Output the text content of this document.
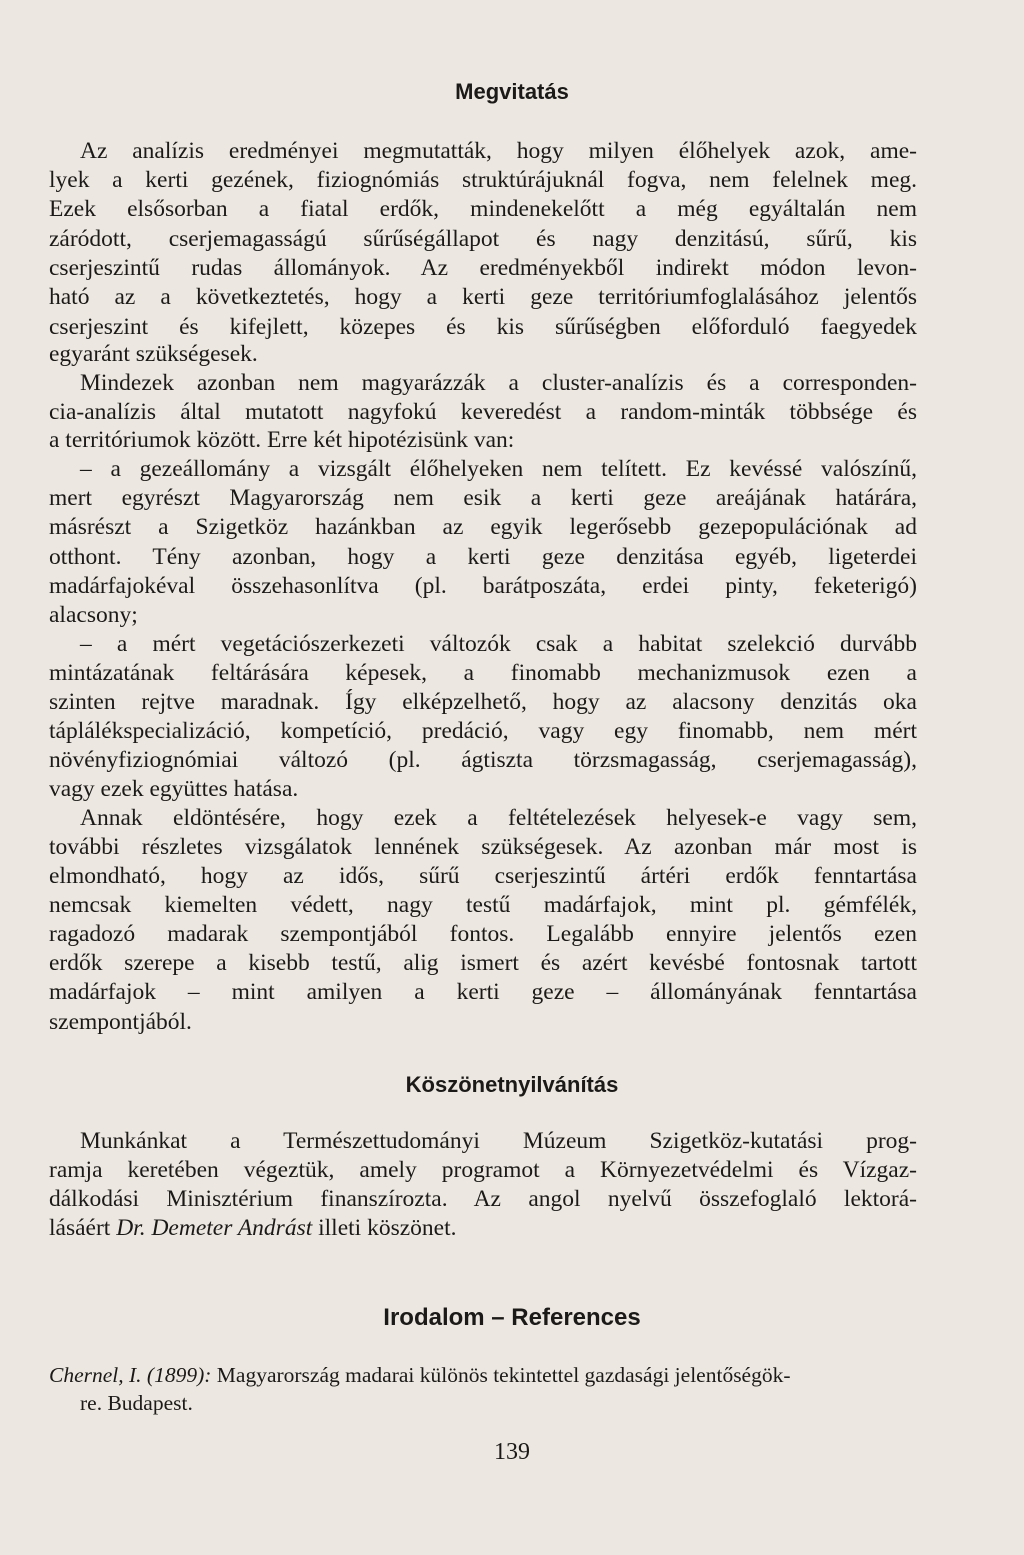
Megvitatás

Az analízis eredményei megmutatták, hogy milyen élőhelyek azok, ame-

lyek a kerti gezének, fiziognómiás struktúrájuknál fogva, nem felelnek meg.

Ezek elsősorban a fiatal erdők, mindenekelőtt a még egyáltalán nem

záródott, cserjemagasságú sűrűségállapot és nagy denzitású, sűrű, kis

cserjeszintű rudas állományok. Az eredményekből indirekt módon levon-

ható az a következtetés, hogy a kerti geze territóriumfoglalásához jelentős

cserjeszint és kifejlett, közepes és kis sűrűségben előforduló faegyedek

egyaránt szükségesek.

Mindezek azonban nem magyarázzák a cluster-analízis és a corresponden-

cia-analízis által mutatott nagyfokú keveredést a random-minták többsége és

a territóriumok között. Erre két hipotézisünk van:

– a gezeállomány a vizsgált élőhelyeken nem telített. Ez kevéssé valószínű,

mert egyrészt Magyarország nem esik a kerti geze areájának határára,

másrészt a Szigetköz hazánkban az egyik legerősebb gezepopulációnak ad

otthont. Tény azonban, hogy a kerti geze denzitása egyéb, ligeterdei

madárfajokéval összehasonlítva (pl. barátposzáta, erdei pinty, feketerigó)

alacsony;

– a mért vegetációszerkezeti változók csak a habitat szelekció durvább

mintázatának feltárására képesek, a finomabb mechanizmusok ezen a

szinten rejtve maradnak. Így elképzelhető, hogy az alacsony denzitás oka

táplálékspecializáció, kompetíció, predáció, vagy egy finomabb, nem mért

növényfiziognómiai változó (pl. ágtiszta törzsmagasság, cserjemagasság),

vagy ezek együttes hatása.

Annak eldöntésére, hogy ezek a feltételezések helyesek-e vagy sem,

további részletes vizsgálatok lennének szükségesek. Az azonban már most is

elmondható, hogy az idős, sűrű cserjeszintű ártéri erdők fenntartása

nemcsak kiemelten védett, nagy testű madárfajok, mint pl. gémfélék,

ragadozó madarak szempontjából fontos. Legalább ennyire jelentős ezen

erdők szerepe a kisebb testű, alig ismert és azért kevésbé fontosnak tartott

madárfajok – mint amilyen a kerti geze – állományának fenntartása

szempontjából.

Köszönetnyilvánítás

Munkánkat a Természettudományi Múzeum Szigetköz-kutatási prog-

ramja keretében végeztük, amely programot a Környezetvédelmi és Vízgaz-

dálkodási Minisztérium finanszírozta. Az angol nyelvű összefoglaló lektorá-

lásáért Dr. Demeter Andrást illeti köszönet.

Irodalom – References

Chernel, I. (1899): Magyarország madarai különös tekintettel gazdasági jelentőségök-

re. Budapest.

139
